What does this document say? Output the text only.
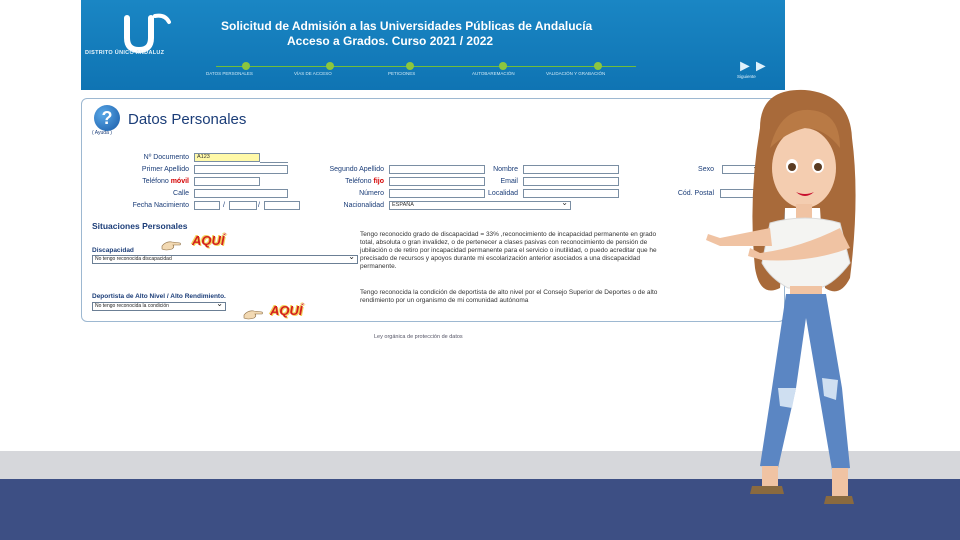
DISTRITO ÚNICO ANDALUZ
Solicitud de Admisión a las Universidades Públicas de Andalucía
Acceso a Grados. Curso 2021 / 2022
DATOS PERSONALES	VÍAS DE ACCESO	PETICIONES	AUTOBAREMACIÓN	VALIDACIÓN Y GRABACIÓN	►►
Siguiente
?
( Ayuda )
Datos Personales
Nº Documento	A123
Primer Apellido	Segundo Apellido	Nombre	Sexo
⌄
Teléfono móvil	Teléfono fijo	Email
Calle	Número	Localidad	Cód. Postal
Fecha Nacimiento	/	/	Nacionalidad	ESPAÑA ⌄
Situaciones Personales
AQUÍ
Discapacidad
No tengo reconocida discapacidad ⌄
Tengo reconocido grado de discapacidad = 33% ,reconocimiento de incapacidad permanente en grado total, absoluta o gran invalidez, o de pertenecer a clases pasivas con reconocimiento de pensión de jubilación o de retiro por incapacidad permanente para el servicio o inutilidad, o puedo acreditar que he precisado de recursos y apoyos durante mi escolarización anterior asociados a una discapacidad permanente.
Deportista de Alto Nivel / Alto Rendimiento.
No tengo reconocida la condición ⌄
Tengo reconocida la condición de deportista de alto nivel por el Consejo Superior de Deportes o de alto rendimiento por un organismo de mi comunidad autónoma
AQUÍ
Ley orgánica de protección de datos
